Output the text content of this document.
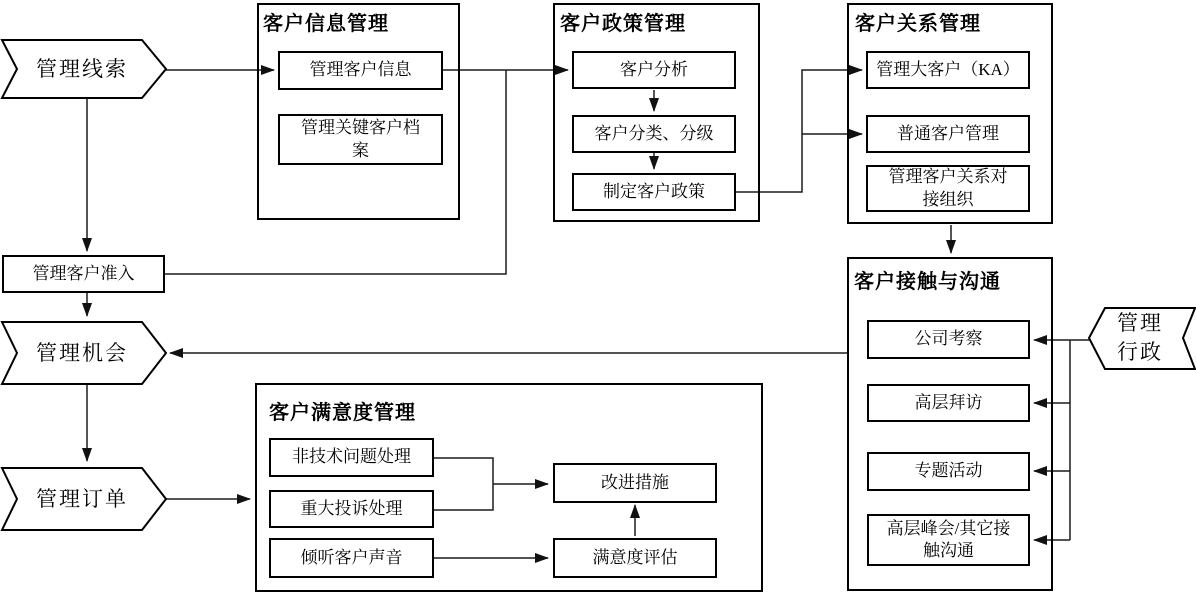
客户信息管理	客户政策管理	客户关系管理
客户接触与沟通
客户满意度管理
管理客户准入
管理客户信息
管理关键客户档案
客户分析
客户分类、分级
制定客户政策
管理大客户（KA）
普通客户管理
管理客户关系对接组织
公司考察
高层拜访
专题活动
高层峰会/其它接触沟通
非技术问题处理
重大投诉处理
倾听客户声音
改进措施
满意度评估
管理线索
管理机会
管理订单
管理
行政
